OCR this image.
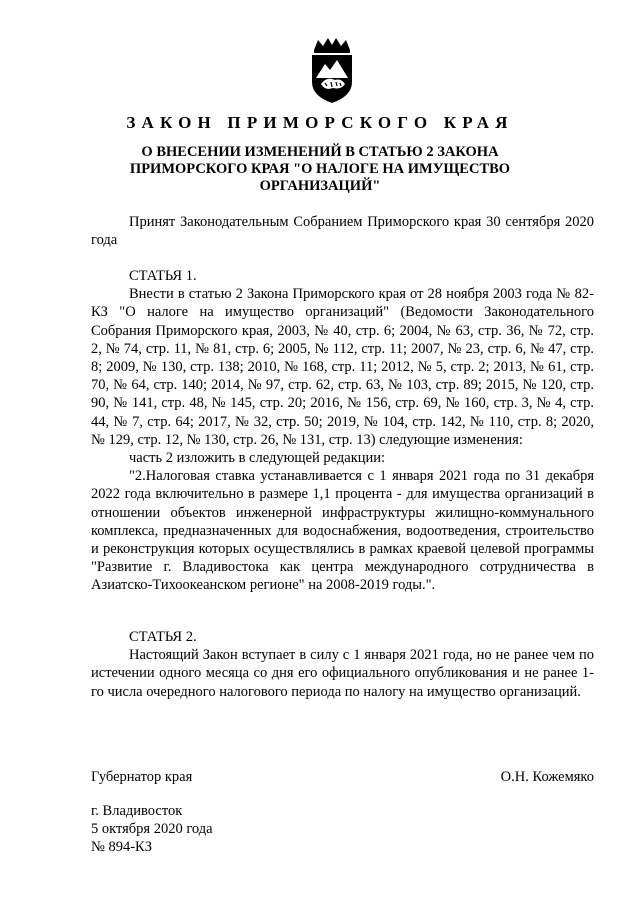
ЗАКОН ПРИМОРСКОГО КРАЯ
О ВНЕСЕНИИ ИЗМЕНЕНИЙ В СТАТЬЮ 2 ЗАКОНА ПРИМОРСКОГО КРАЯ "О НАЛОГЕ НА ИМУЩЕСТВО ОРГАНИЗАЦИЙ"

Принят Законодательным Собранием Приморского края 30 сентября 2020 года

СТАТЬЯ 1.

Внести в статью 2 Закона Приморского края от 28 ноября 2003 года № 82-КЗ "О налоге на имущество организаций" (Ведомости Законодательного Собрания Приморского края, 2003, № 40, стр. 6; 2004, № 63, стр. 36, № 72, стр. 2, № 74, стр. 11, № 81, стр. 6; 2005, № 112, стр. 11; 2007, № 23, стр. 6, № 47, стр. 8; 2009, № 130, стр. 138; 2010, № 168, стр. 11; 2012, № 5, стр. 2; 2013, № 61, стр. 70, № 64, стр. 140; 2014, № 97, стр. 62, стр. 63, № 103, стр. 89; 2015, № 120, стр. 90, № 141, стр. 48, № 145, стр. 20; 2016, № 156, стр. 69, № 160, стр. 3, № 4, стр. 44, № 7, стр. 64; 2017, № 32, стр. 50; 2019, № 104, стр. 142, № 110, стр. 8; 2020, № 129, стр. 12, № 130, стр. 26, № 131, стр. 13) следующие изменения:

часть 2 изложить в следующей редакции:

"2.Налоговая ставка устанавливается с 1 января 2021 года по 31 декабря 2022 года включительно в размере 1,1 процента - для имущества организаций в отношении объектов инженерной инфраструктуры жилищно-коммунального комплекса, предназначенных для водоснабжения, водоотведения, строительство и реконструкция которых осуществлялись в рамках краевой целевой программы "Развитие г. Владивостока как центра международного сотрудничества в Азиатско-Тихоокеанском регионе" на 2008-2019 годы.".

СТАТЬЯ 2.

Настоящий Закон вступает в силу с 1 января 2021 года, но не ранее чем по истечении одного месяца со дня его официального опубликования и не ранее 1-го числа очередного налогового периода по налогу на имущество организаций.

Губернатор края	О.Н. Кожемяко
г. Владивосток
5 октября 2020 года
№ 894-КЗ
